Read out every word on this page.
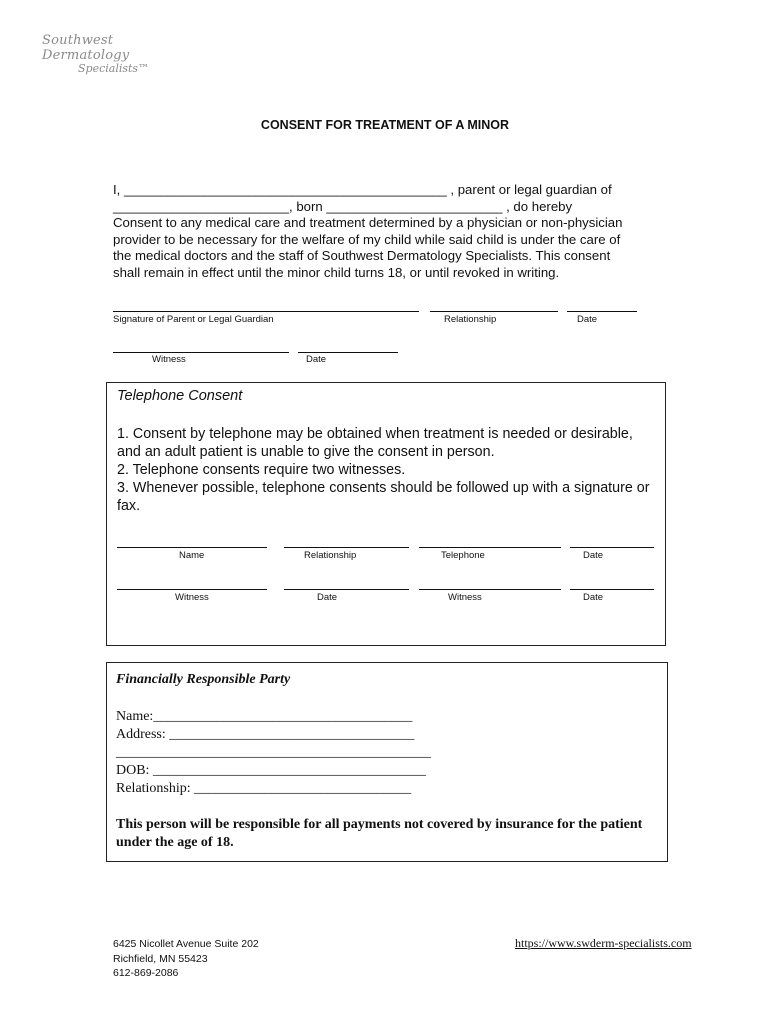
Southwest Dermatology
Specialists™
CONSENT FOR TREATMENT OF A MINOR

I, ____________________________________________ , parent or legal guardian of

________________________, born ________________________ , do hereby

Consent to any medical care and treatment determined by a physician or non-physician

provider to be necessary for the welfare of my child while said child is under the care of

the medical doctors and the staff of Southwest Dermatology Specialists. This consent

shall remain in effect until the minor child turns 18, or until revoked in writing.

Signature of Parent or Legal Guardian	Relationship	Date
Witness	Date
Telephone Consent

1. Consent by telephone may be obtained when treatment is needed or desirable, and an adult patient is unable to give the consent in person.

2. Telephone consents require two witnesses.

3. Whenever possible, telephone consents should be followed up with a signature or fax.

Name	Relationship	Telephone	Date
Witness	Date	Witness	Date
Financially Responsible Party
Name:_____________________________________
Address: ___________________________________
_____________________________________________
DOB: _______________________________________
Relationship: _______________________________
This person will be responsible for all payments not covered by insurance for the patient under the age of 18.
6425 Nicollet Avenue Suite 202
Richfield, MN 55423
612-869-2086
https://www.swderm-specialists.com
